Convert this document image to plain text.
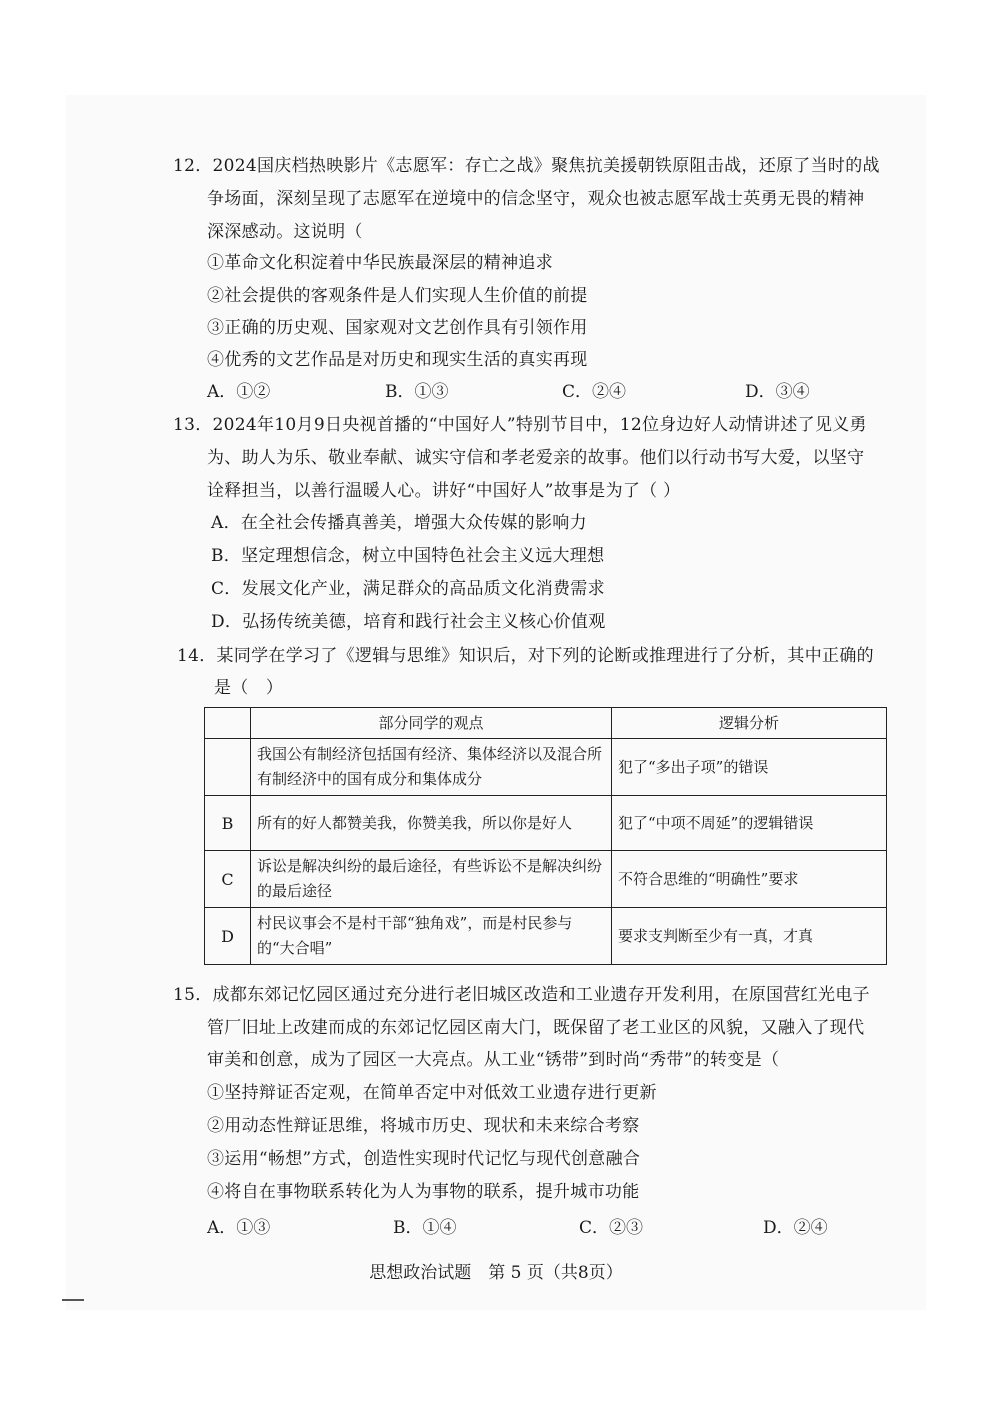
12．2024国庆档热映影片《志愿军：存亡之战》聚焦抗美援朝铁原阻击战，还原了当时的战
争场面，深刻呈现了志愿军在逆境中的信念坚守，观众也被志愿军战士英勇无畏的精神
深深感动。这说明（
①革命文化积淀着中华民族最深层的精神追求
②社会提供的客观条件是人们实现人生价值的前提
③正确的历史观、国家观对文艺创作具有引领作用
④优秀的文艺作品是对历史和现实生活的真实再现
A．①②	B．①③	C．②④	D．③④
13．2024年10月9日央视首播的“中国好人”特别节目中，12位身边好人动情讲述了见义勇
为、助人为乐、敬业奉献、诚实守信和孝老爱亲的故事。他们以行动书写大爱，以坚守
诠释担当，以善行温暖人心。讲好“中国好人”故事是为了（ ）
A．在全社会传播真善美，增强大众传媒的影响力
B．坚定理想信念，树立中国特色社会主义远大理想
C．发展文化产业，满足群众的高品质文化消费需求
D．弘扬传统美德，培育和践行社会主义核心价值观
14．某同学在学习了《逻辑与思维》知识后，对下列的论断或推理进行了分析，其中正确的
是（　）
	部分同学的观点	逻辑分析
	我国公有制经济包括国有经济、集体经济以及混合所有制经济中的国有成分和集体成分	犯了“多出子项”的错误
B	所有的好人都赞美我，你赞美我，所以你是好人	犯了“中项不周延”的逻辑错误
C	诉讼是解决纠纷的最后途径，有些诉讼不是解决纠纷的最后途径	不符合思维的“明确性”要求
D	村民议事会不是村干部“独角戏”，而是村民参与的“大合唱”	要求支判断至少有一真，才真
15．成都东郊记忆园区通过充分进行老旧城区改造和工业遗存开发利用，在原国营红光电子
管厂旧址上改建而成的东郊记忆园区南大门，既保留了老工业区的风貌，又融入了现代
审美和创意，成为了园区一大亮点。从工业“锈带”到时尚“秀带”的转变是（
①坚持辩证否定观，在简单否定中对低效工业遗存进行更新
②用动态性辩证思维，将城市历史、现状和未来综合考察
③运用“畅想”方式，创造性实现时代记忆与现代创意融合
④将自在事物联系转化为人为事物的联系，提升城市功能
A．①③	B．①④	C．②③	D．②④
思想政治试题　第 5 页（共8页）
